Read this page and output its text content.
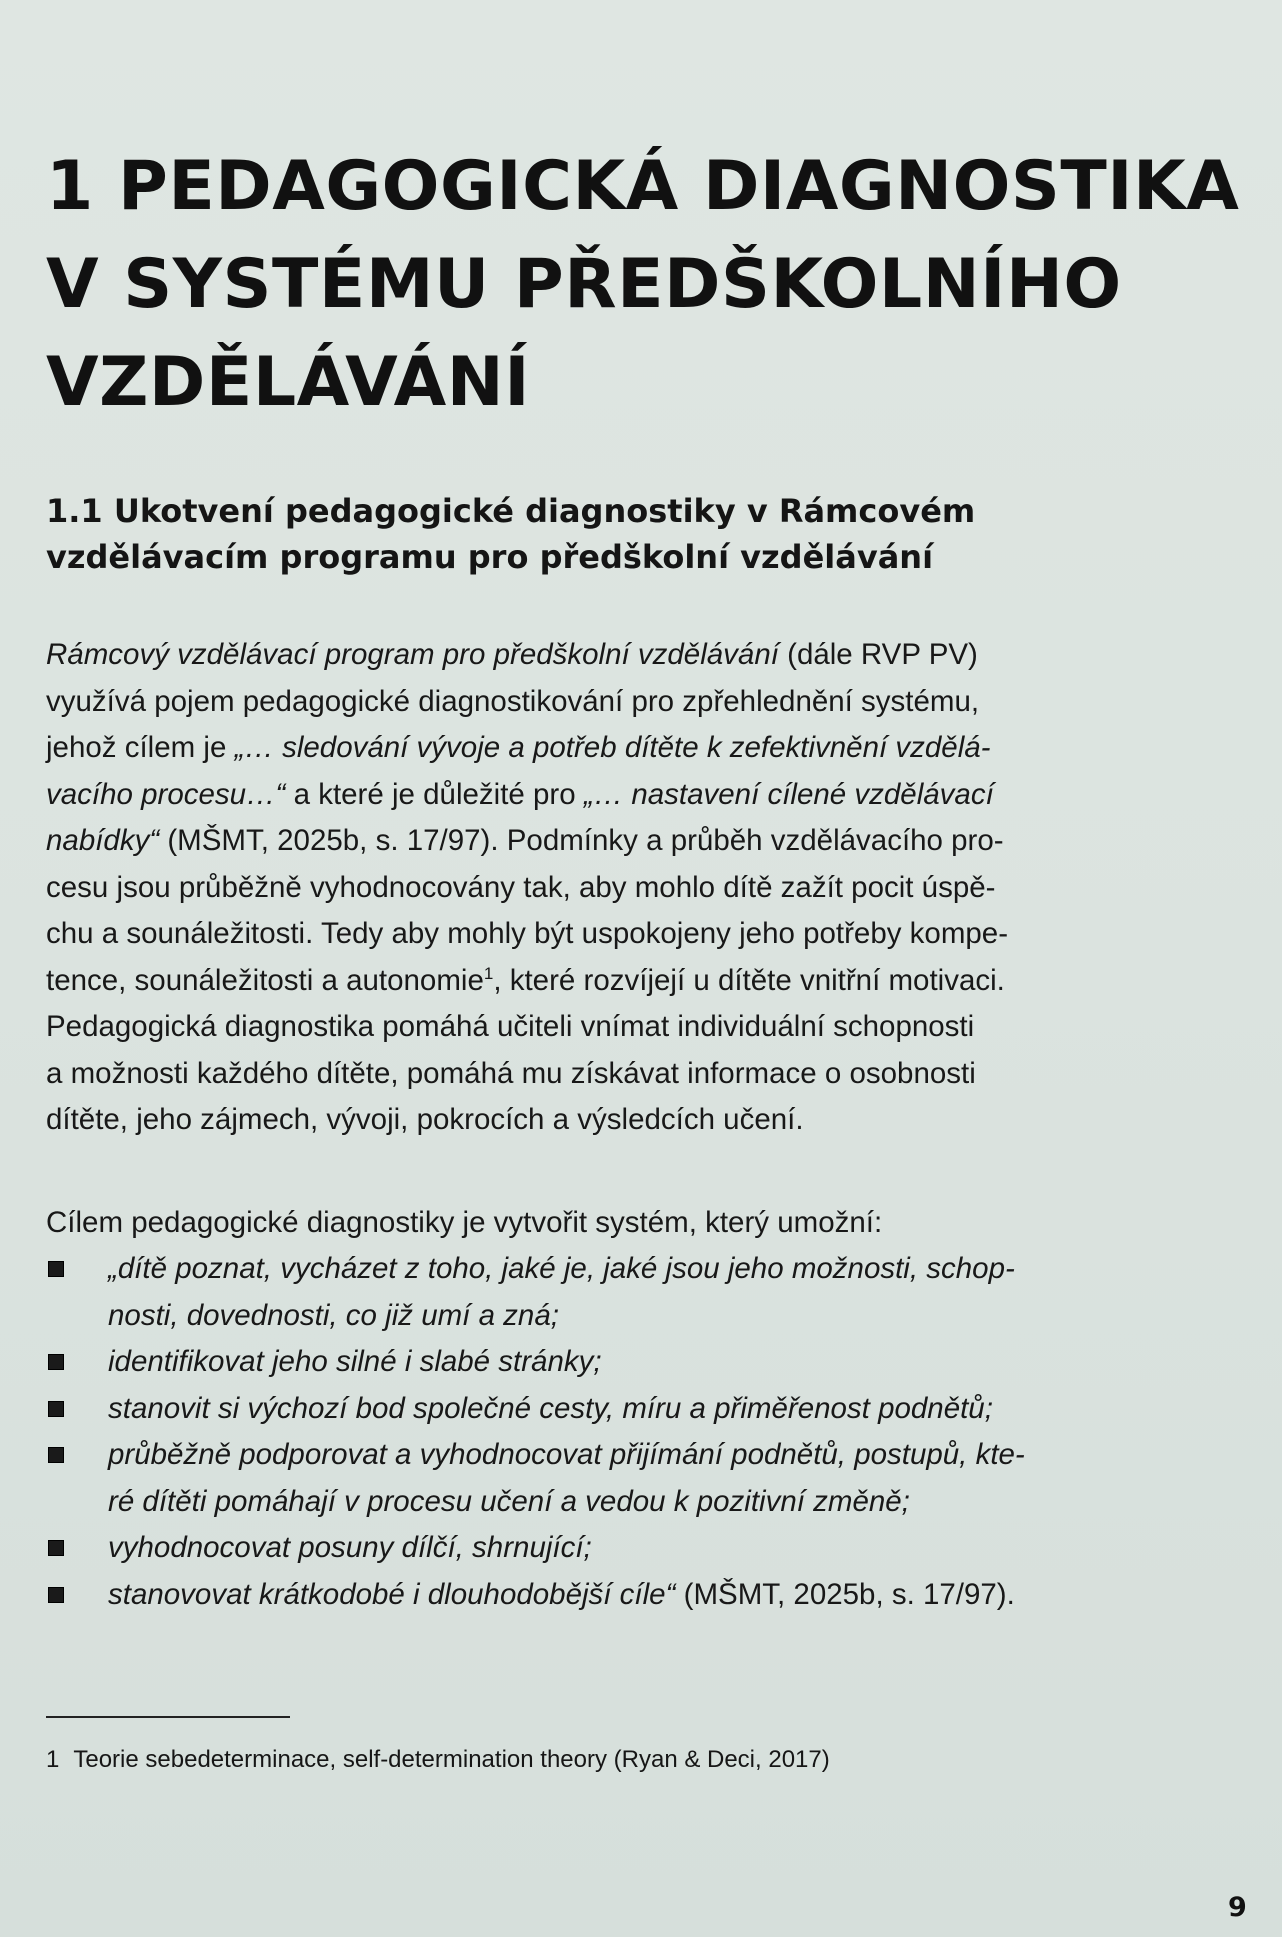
1 PEDAGOGICKÁ DIAGNOSTIKA
V SYSTÉMU PŘEDŠKOLNÍHO
VZDĚLÁVÁNÍ
1.1 Ukotvení pedagogické diagnostiky v Rámcovém
vzdělávacím programu pro předškolní vzdělávání
Rámcový vzdělávací program pro předškolní vzdělávání (dále RVP PV)
využívá pojem pedagogické diagnostikování pro zpřehlednění systému,
jehož cílem je „… sledování vývoje a potřeb dítěte k zefektivnění vzdělá-
vacího procesu…“ a které je důležité pro „… nastavení cílené vzdělávací
nabídky“ (MŠMT, 2025b, s. 17/97). Podmínky a průběh vzdělávacího pro-
cesu jsou průběžně vyhodnocovány tak, aby mohlo dítě zažít pocit úspě-
chu a sounáležitosti. Tedy aby mohly být uspokojeny jeho potřeby kompe-
tence, sounáležitosti a autonomie$^1$, které rozvíjejí u dítěte vnitřní motivaci.
Pedagogická diagnostika pomáhá učiteli vnímat individuální schopnosti
a možnosti každého dítěte, pomáhá mu získávat informace o osobnosti
dítěte, jeho zájmech, vývoji, pokrocích a výsledcích učení.
Cílem pedagogické diagnostiky je vytvořit systém, který umožní:
„dítě poznat, vycházet z toho, jaké je, jaké jsou jeho možnosti, schop-
nosti, dovednosti, co již umí a zná;
identifikovat jeho silné i slabé stránky;
stanovit si výchozí bod společné cesty, míru a přiměřenost podnětů;
průběžně podporovat a vyhodnocovat přijímání podnětů, postupů, kte-
ré dítěti pomáhají v procesu učení a vedou k pozitivní změně;
vyhodnocovat posuny dílčí, shrnující;
stanovovat krátkodobé i dlouhodobější cíle“ (MŠMT, 2025b, s. 17/97).
1 Teorie sebedeterminace, self-determination theory (Ryan & Deci, 2017)
9
